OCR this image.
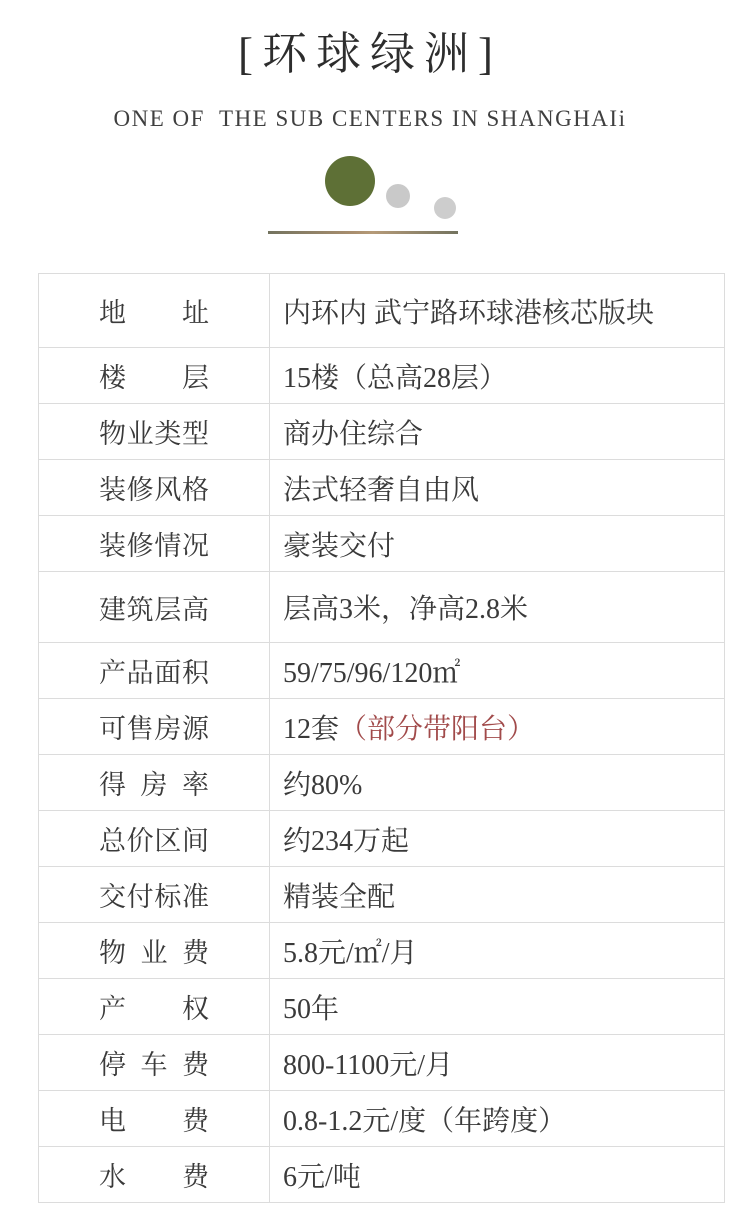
[环球绿洲]
ONE OF  THE SUB CENTERS IN SHANGHAIi
地址	内环内 武宁路环球港核芯版块
楼层	15楼（总高28层）
物业类型	商办住综合
装修风格	法式轻奢自由风
装修情况	豪装交付
建筑层高	层高3米，净高2.8米
产品面积	59/75/96/120㎡
可售房源	12套 （部分带阳台）
得房率	约80%
总价区间	约234万起
交付标准	精装全配
物业费	5.8元/㎡/月
产权	50年
停车费	800-1100元/月
电费	0.8-1.2元/度（年跨度）
水费	6元/吨
